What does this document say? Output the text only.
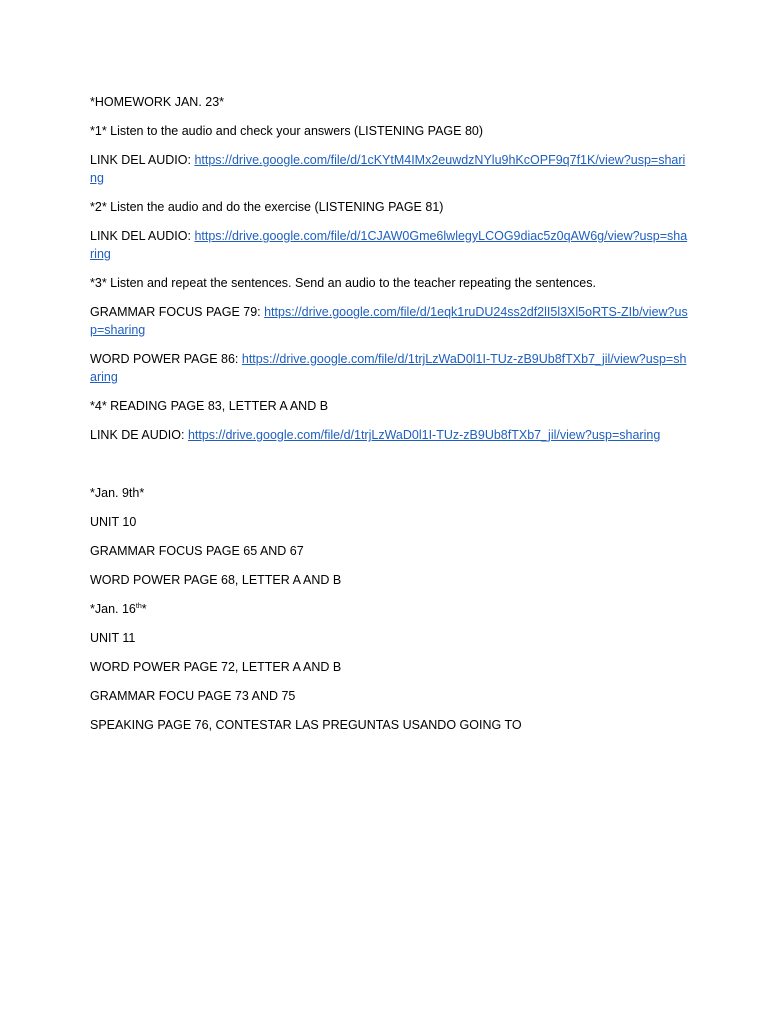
*HOMEWORK JAN. 23*

*1* Listen to the audio and check your answers (LISTENING PAGE 80)

LINK DEL AUDIO: https://drive.google.com/file/d/1cKYtM4IMx2euwdzNYlu9hKcOPF9q7f1K/view?usp=sharing

*2* Listen the audio and do the exercise (LISTENING PAGE 81)

LINK DEL AUDIO: https://drive.google.com/file/d/1CJAW0Gme6lwlegyLCOG9diac5z0qAW6g/view?usp=sharing

*3* Listen and repeat the sentences. Send an audio to the teacher repeating the sentences.

GRAMMAR FOCUS PAGE 79: https://drive.google.com/file/d/1eqk1ruDU24ss2df2lI5l3Xl5oRTS-ZIb/view?usp=sharing

WORD POWER PAGE 86: https://drive.google.com/file/d/1trjLzWaD0l1I-TUz-zB9Ub8fTXb7_jil/view?usp=sharing

*4* READING PAGE 83, LETTER A AND B

LINK DE AUDIO: https://drive.google.com/file/d/1trjLzWaD0l1I-TUz-zB9Ub8fTXb7_jil/view?usp=sharing

*Jan. 9th*

UNIT 10

GRAMMAR FOCUS PAGE 65 AND 67

WORD POWER PAGE 68, LETTER A AND B

*Jan. 16th*

UNIT 11

WORD POWER PAGE 72, LETTER A AND B

GRAMMAR FOCU PAGE 73 AND 75

SPEAKING PAGE 76, CONTESTAR LAS PREGUNTAS USANDO GOING TO
